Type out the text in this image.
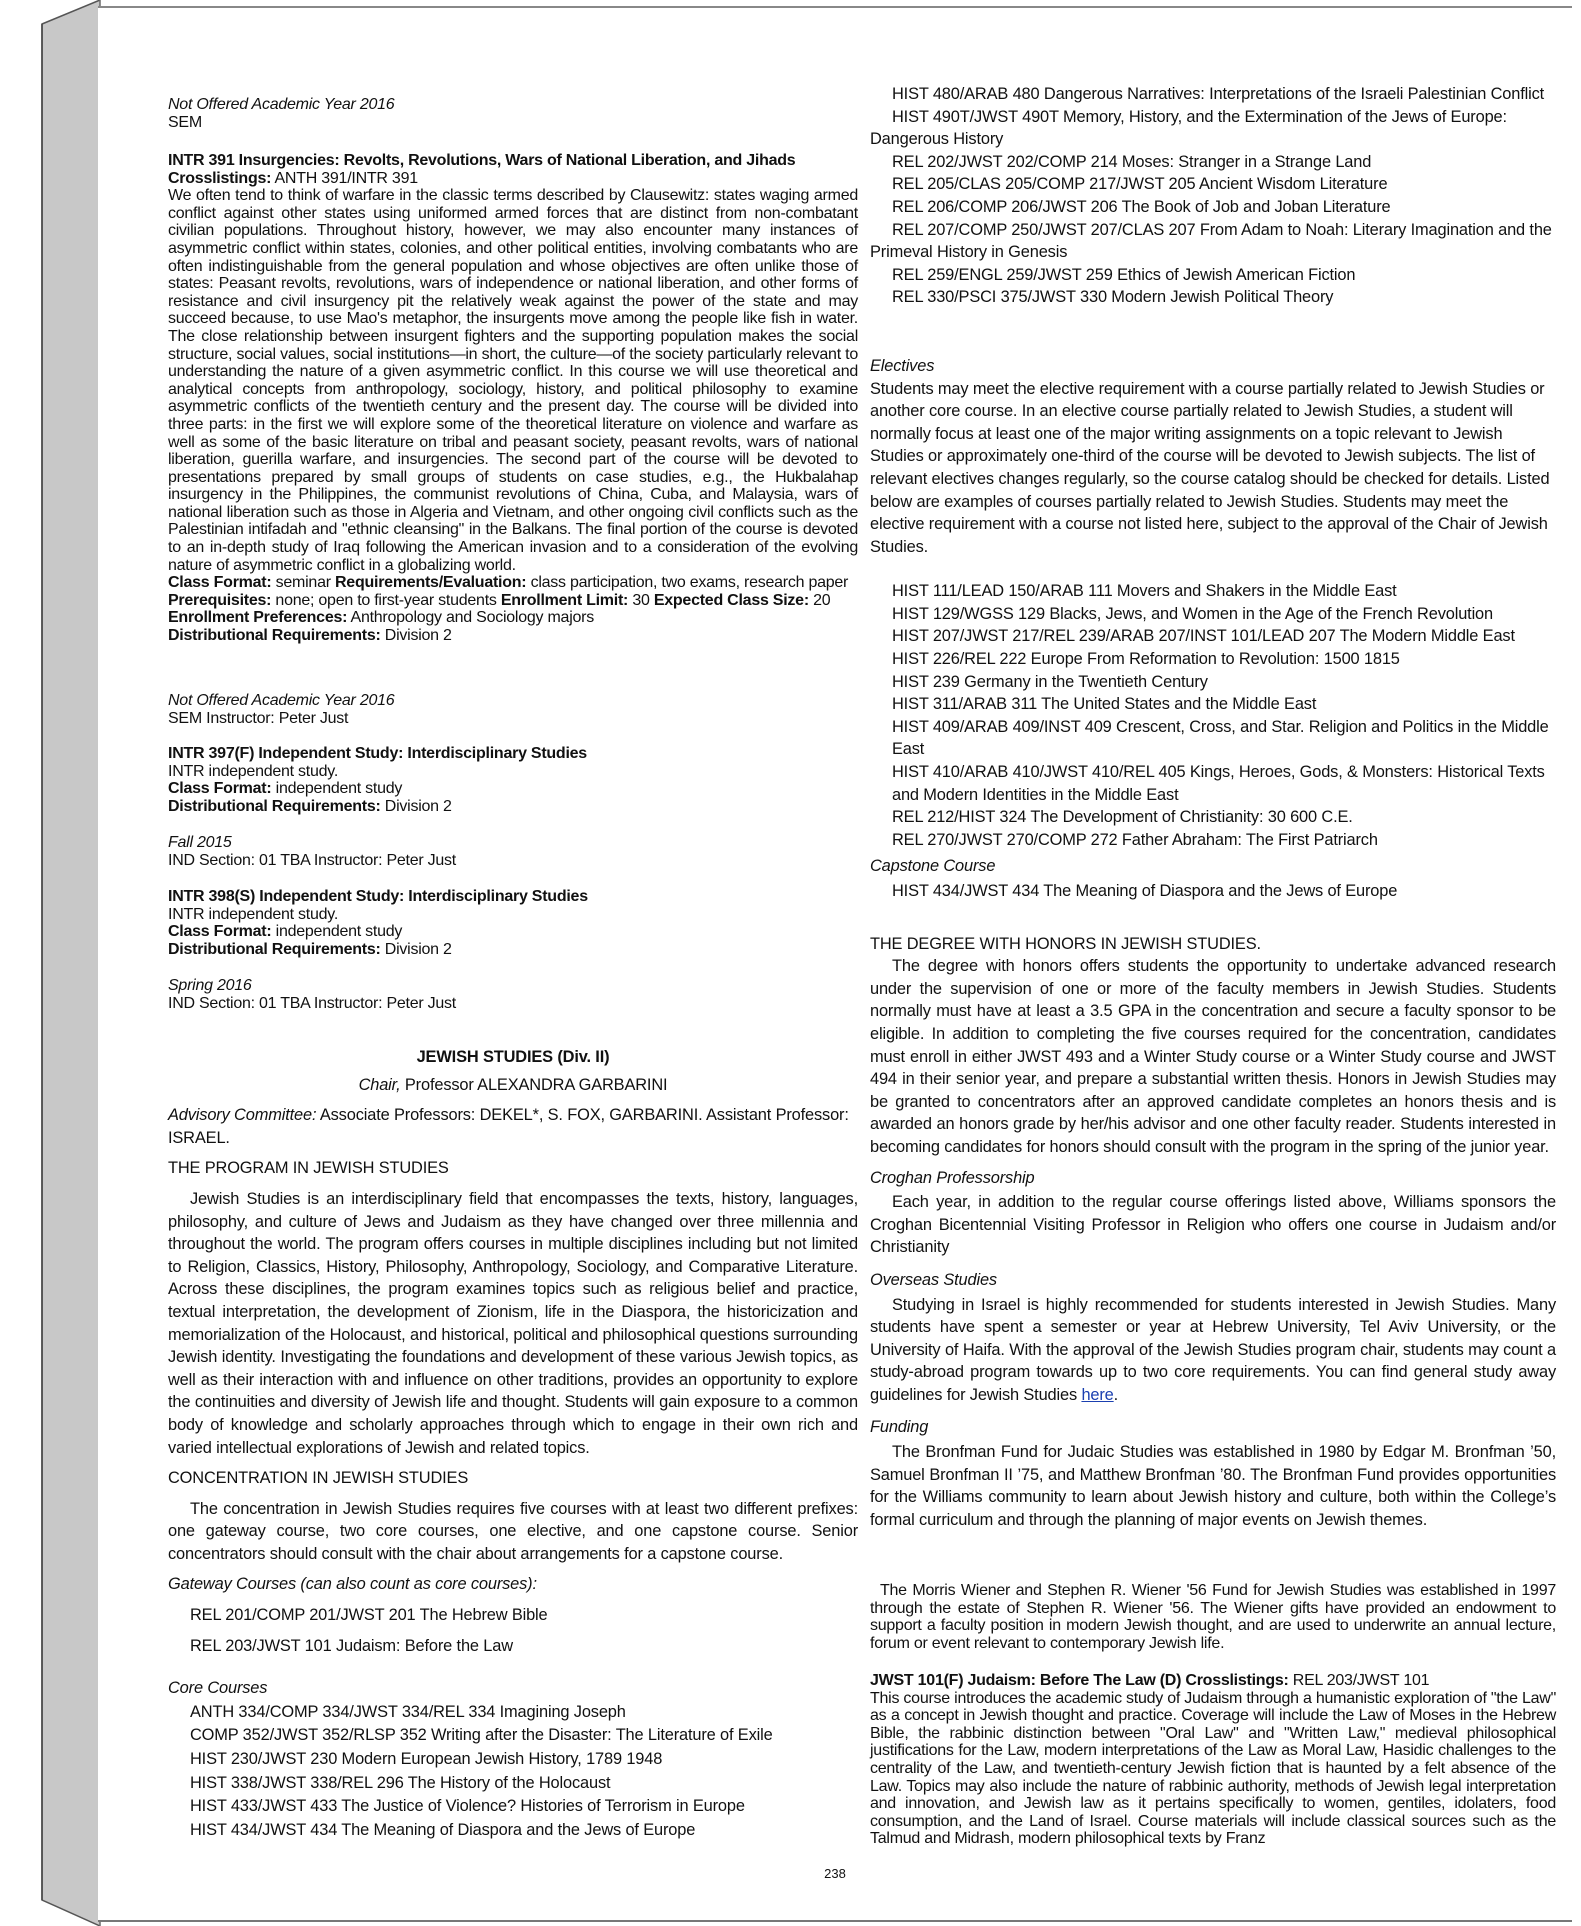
Not Offered Academic Year 2016
SEM
INTR 391 Insurgencies: Revolts, Revolutions, Wars of National Liberation, and Jihads
Crosslistings: ANTH 391/INTR 391
We often tend to think of warfare in the classic terms described by Clausewitz: states waging armed conflict against other states using uniformed armed forces that are distinct from non-combatant civilian populations. Throughout history, however, we may also encounter many instances of asymmetric conflict within states, colonies, and other political entities, involving combatants who are often indistinguishable from the general population and whose objectives are often unlike those of states: Peasant revolts, revolutions, wars of independence or national liberation, and other forms of resistance and civil insurgency pit the relatively weak against the power of the state and may succeed because, to use Mao's metaphor, the insurgents move among the people like fish in water. The close relationship between insurgent fighters and the supporting population makes the social structure, social values, social institutions—in short, the culture—of the society particularly relevant to understanding the nature of a given asymmetric conflict. In this course we will use theoretical and analytical concepts from anthropology, sociology, history, and political philosophy to examine asymmetric conflicts of the twentieth century and the present day. The course will be divided into three parts: in the first we will explore some of the theoretical literature on violence and warfare as well as some of the basic literature on tribal and peasant society, peasant revolts, wars of national liberation, guerilla warfare, and insurgencies. The second part of the course will be devoted to presentations prepared by small groups of students on case studies, e.g., the Hukbalahap insurgency in the Philippines, the communist revolutions of China, Cuba, and Malaysia, wars of national liberation such as those in Algeria and Vietnam, and other ongoing civil conflicts such as the Palestinian intifadah and "ethnic cleansing" in the Balkans. The final portion of the course is devoted to an in-depth study of Iraq following the American invasion and to a consideration of the evolving nature of asymmetric conflict in a globalizing world.
Class Format: seminar Requirements/Evaluation: class participation, two exams, research paper Prerequisites: none; open to first-year students Enrollment Limit: 30 Expected Class Size: 20 Enrollment Preferences: Anthropology and Sociology majors
Distributional Requirements: Division 2
Not Offered Academic Year 2016
SEM Instructor: Peter Just
INTR 397(F) Independent Study: Interdisciplinary Studies
INTR independent study.
Class Format: independent study
Distributional Requirements: Division 2
Fall 2015
IND Section: 01 TBA Instructor: Peter Just
INTR 398(S) Independent Study: Interdisciplinary Studies
INTR independent study.
Class Format: independent study
Distributional Requirements: Division 2
Spring 2016
IND Section: 01 TBA Instructor: Peter Just
JEWISH STUDIES (Div. II)
Chair, Professor ALEXANDRA GARBARINI
Advisory Committee: Associate Professors: DEKEL*, S. FOX, GARBARINI. Assistant Professor: ISRAEL.
THE PROGRAM IN JEWISH STUDIES

Jewish Studies is an interdisciplinary field that encompasses the texts, history, languages, philosophy, and culture of Jews and Judaism as they have changed over three millennia and throughout the world. The program offers courses in multiple disciplines including but not limited to Religion, Classics, History, Philosophy, Anthropology, Sociology, and Comparative Literature. Across these disciplines, the program examines topics such as religious belief and practice, textual interpretation, the development of Zionism, life in the Diaspora, the historicization and memorialization of the Holocaust, and historical, political and philosophical questions surrounding Jewish identity. Investigating the foundations and development of these various Jewish topics, as well as their interaction with and influence on other traditions, provides an opportunity to explore the continuities and diversity of Jewish life and thought. Students will gain exposure to a common body of knowledge and scholarly approaches through which to engage in their own rich and varied intellectual explorations of Jewish and related topics.

CONCENTRATION IN JEWISH STUDIES

The concentration in Jewish Studies requires five courses with at least two different prefixes: one gateway course, two core courses, one elective, and one capstone course. Senior concentrators should consult with the chair about arrangements for a capstone course.

Gateway Courses (can also count as core courses):
REL 201/COMP 201/JWST 201 The Hebrew Bible
REL 203/JWST 101 Judaism: Before the Law
Core Courses
ANTH 334/COMP 334/JWST 334/REL 334 Imagining Joseph
COMP 352/JWST 352/RLSP 352 Writing after the Disaster: The Literature of Exile
HIST 230/JWST 230 Modern European Jewish History, 1789 1948
HIST 338/JWST 338/REL 296 The History of the Holocaust
HIST 433/JWST 433 The Justice of Violence? Histories of Terrorism in Europe
HIST 434/JWST 434 The Meaning of Diaspora and the Jews of Europe
HIST 480/ARAB 480 Dangerous Narratives: Interpretations of the Israeli Palestinian Conflict
HIST 490T/JWST 490T Memory, History, and the Extermination of the Jews of Europe: Dangerous History
REL 202/JWST 202/COMP 214 Moses: Stranger in a Strange Land
REL 205/CLAS 205/COMP 217/JWST 205 Ancient Wisdom Literature
REL 206/COMP 206/JWST 206 The Book of Job and Joban Literature
REL 207/COMP 250/JWST 207/CLAS 207 From Adam to Noah: Literary Imagination and the Primeval History in Genesis
REL 259/ENGL 259/JWST 259 Ethics of Jewish American Fiction
REL 330/PSCI 375/JWST 330 Modern Jewish Political Theory
Electives

Students may meet the elective requirement with a course partially related to Jewish Studies or another core course. In an elective course partially related to Jewish Studies, a student will normally focus at least one of the major writing assignments on a topic relevant to Jewish Studies or approximately one-third of the course will be devoted to Jewish subjects. The list of relevant electives changes regularly, so the course catalog should be checked for details. Listed below are examples of courses partially related to Jewish Studies. Students may meet the elective requirement with a course not listed here, subject to the approval of the Chair of Jewish Studies.

HIST 111/LEAD 150/ARAB 111 Movers and Shakers in the Middle East
HIST 129/WGSS 129 Blacks, Jews, and Women in the Age of the French Revolution
HIST 207/JWST 217/REL 239/ARAB 207/INST 101/LEAD 207 The Modern Middle East
HIST 226/REL 222 Europe From Reformation to Revolution: 1500 1815
HIST 239 Germany in the Twentieth Century
HIST 311/ARAB 311 The United States and the Middle East
HIST 409/ARAB 409/INST 409 Crescent, Cross, and Star. Religion and Politics in the Middle East
HIST 410/ARAB 410/JWST 410/REL 405 Kings, Heroes, Gods, & Monsters: Historical Texts and Modern Identities in the Middle East
REL 212/HIST 324 The Development of Christianity: 30 600 C.E.
REL 270/JWST 270/COMP 272 Father Abraham: The First Patriarch
Capstone Course
HIST 434/JWST 434 The Meaning of Diaspora and the Jews of Europe
THE DEGREE WITH HONORS IN JEWISH STUDIES.

The degree with honors offers students the opportunity to undertake advanced research under the supervision of one or more of the faculty members in Jewish Studies. Students normally must have at least a 3.5 GPA in the concentration and secure a faculty sponsor to be eligible. In addition to completing the five courses required for the concentration, candidates must enroll in either JWST 493 and a Winter Study course or a Winter Study course and JWST 494 in their senior year, and prepare a substantial written thesis. Honors in Jewish Studies may be granted to concentrators after an approved candidate completes an honors thesis and is awarded an honors grade by her/his advisor and one other faculty reader. Students interested in becoming candidates for honors should consult with the program in the spring of the junior year.

Croghan Professorship

Each year, in addition to the regular course offerings listed above, Williams sponsors the Croghan Bicentennial Visiting Professor in Religion who offers one course in Judaism and/or Christianity

Overseas Studies

Studying in Israel is highly recommended for students interested in Jewish Studies. Many students have spent a semester or year at Hebrew University, Tel Aviv University, or the University of Haifa. With the approval of the Jewish Studies program chair, students may count a study-abroad program towards up to two core requirements. You can find general study away guidelines for Jewish Studies here.

Funding

The Bronfman Fund for Judaic Studies was established in 1980 by Edgar M. Bronfman ’50, Samuel Bronfman II ’75, and Matthew Bronfman ’80. The Bronfman Fund provides opportunities for the Williams community to learn about Jewish history and culture, both within the College’s formal curriculum and through the planning of major events on Jewish themes.

The Morris Wiener and Stephen R. Wiener '56 Fund for Jewish Studies was established in 1997 through the estate of Stephen R. Wiener '56. The Wiener gifts have provided an endowment to support a faculty position in modern Jewish thought, and are used to underwrite an annual lecture, forum or event relevant to contemporary Jewish life.

JWST 101(F) Judaism: Before The Law (D) Crosslistings: REL 203/JWST 101
This course introduces the academic study of Judaism through a humanistic exploration of "the Law" as a concept in Jewish thought and practice. Coverage will include the Law of Moses in the Hebrew Bible, the rabbinic distinction between "Oral Law" and "Written Law," medieval philosophical justifications for the Law, modern interpretations of the Law as Moral Law, Hasidic challenges to the centrality of the Law, and twentieth-century Jewish fiction that is haunted by a felt absence of the Law. Topics may also include the nature of rabbinic authority, methods of Jewish legal interpretation and innovation, and Jewish law as it pertains specifically to women, gentiles, idolaters, food consumption, and the Land of Israel. Course materials will include classical sources such as the Talmud and Midrash, modern philosophical texts by Franz
238
